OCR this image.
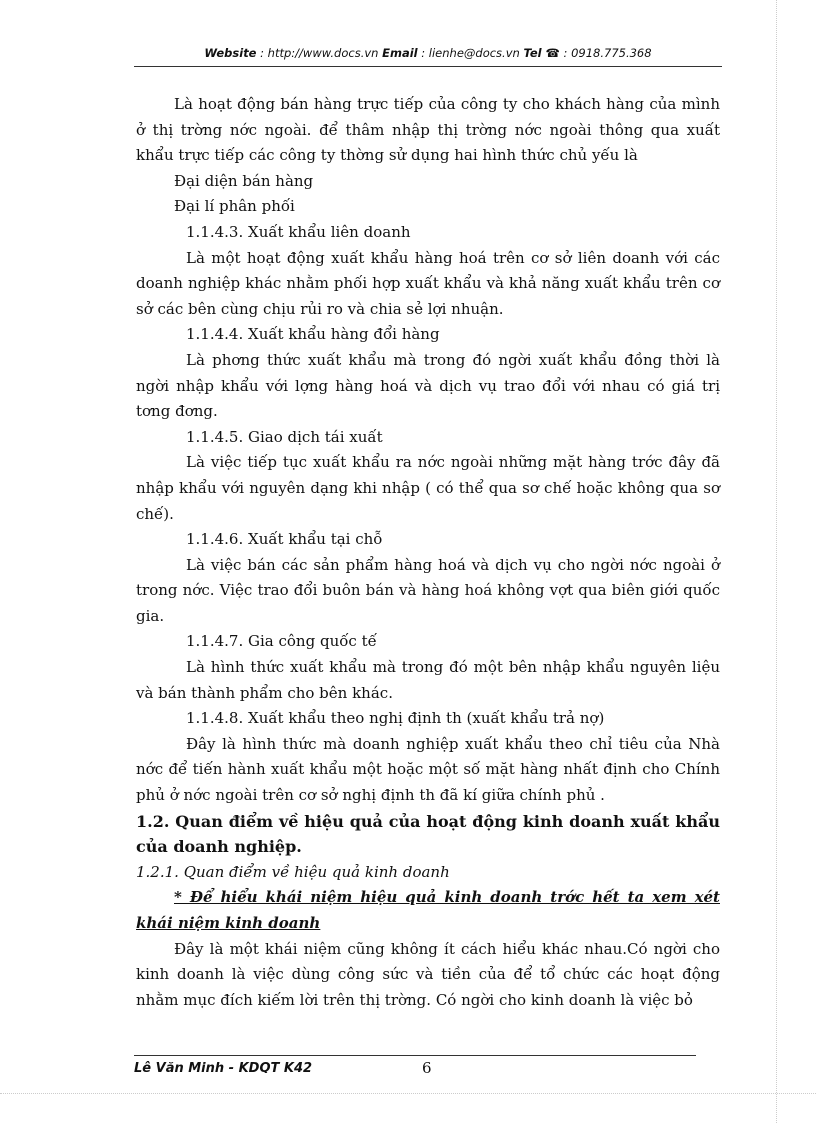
Website : http://www.docs.vn Email : lienhe@docs.vn Tel ☎ : 0918.775.368

Là hoạt động bán hàng trực tiếp của công ty cho khách hàng của mình ở thị trờng nớc ngoài. để thâm nhập thị trờng nớc ngoài thông qua xuất khẩu trực tiếp các công ty thờng sử dụng hai hình thức chủ yếu là

Đại diện bán hàng

Đại lí phân phối

1.1.4.3. Xuất khẩu liên doanh

Là một hoạt động xuất khẩu hàng hoá trên cơ sở liên doanh với các doanh nghiệp khác nhằm phối hợp xuất khẩu và khả năng xuất khẩu trên cơ sở các bên cùng chịu rủi ro và chia sẻ lợi nhuận.

1.1.4.4. Xuất khẩu hàng đổi hàng

Là phơng thức xuất khẩu mà trong đó ngời xuất khẩu đồng thời là ngời nhập khẩu với lợng hàng hoá và dịch vụ trao đổi với nhau có giá trị tơng đơng.

1.1.4.5. Giao dịch tái xuất

Là việc tiếp tục xuất khẩu ra nớc ngoài những mặt hàng trớc đây đã nhập khẩu với nguyên dạng khi nhập ( có thể qua sơ chế hoặc không qua sơ chế).

1.1.4.6. Xuất khẩu tại chỗ

Là việc bán các sản phẩm hàng hoá và dịch vụ cho ngời nớc ngoài ở trong nớc. Việc trao đổi buôn bán và hàng hoá không vợt qua biên giới quốc gia.

1.1.4.7. Gia công quốc tế

Là hình thức xuất khẩu mà trong đó một bên nhập khẩu nguyên liệu và bán thành phẩm cho bên khác.

1.1.4.8. Xuất khẩu theo nghị định th (xuất khẩu trả nợ)

Đây là hình thức mà doanh nghiệp xuất khẩu theo chỉ tiêu của Nhà nớc để tiến hành xuất khẩu một hoặc một số mặt hàng nhất định cho Chính phủ ở nớc ngoài trên cơ sở nghị định th đã kí giữa chính phủ .

1.2. Quan điểm về hiệu quả của hoạt động kinh doanh xuất khẩu của doanh nghiệp.

1.2.1. Quan điểm về hiệu quả kinh doanh

* Để hiểu khái niệm hiệu quả kinh doanh trớc hết ta xem xét khái niệm kinh doanh

Đây là một khái niệm cũng không ít cách hiểu khác nhau.Có ngời cho kinh doanh là việc dùng công sức và tiền của để tổ chức các hoạt động nhằm mục đích kiếm lời trên thị trờng. Có ngời cho kinh doanh là việc bỏ

Lê Văn Minh - KDQT K42	6
